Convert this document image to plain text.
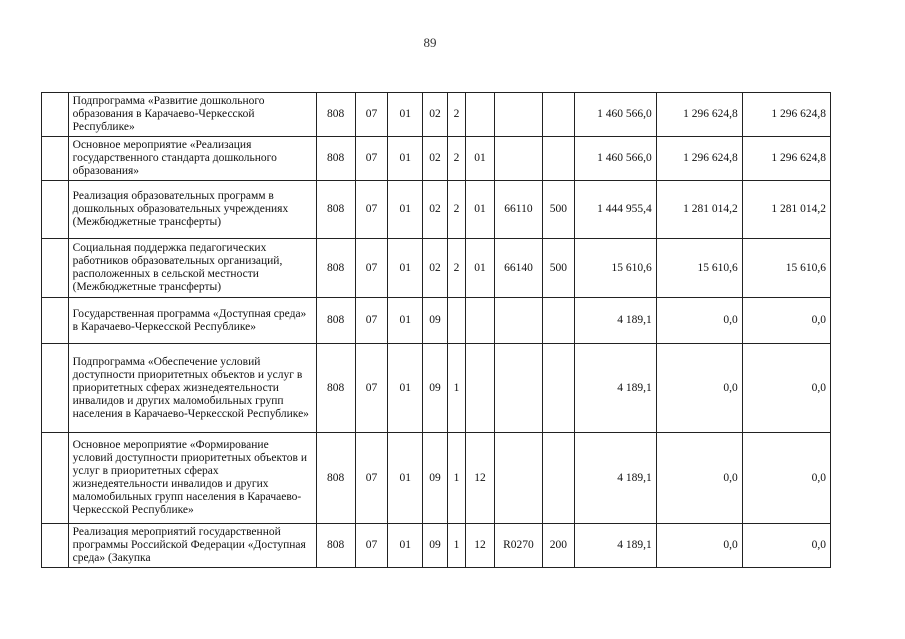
89
	Подпрограмма «Развитие дошкольного образования в Карачаево-Черкесской Республике»	808	07	01	02	2				1 460 566,0	1 296 624,8	1 296 624,8
	Основное мероприятие «Реализация государственного стандарта дошкольного образования»	808	07	01	02	2	01			1 460 566,0	1 296 624,8	1 296 624,8
	Реализация образовательных программ в дошкольных образовательных учреждениях (Межбюджетные трансферты)	808	07	01	02	2	01	66110	500	1 444 955,4	1 281 014,2	1 281 014,2
	Социальная поддержка педагогических работников образовательных организаций, расположенных в сельской местности (Межбюджетные трансферты)	808	07	01	02	2	01	66140	500	15 610,6	15 610,6	15 610,6
	Государственная программа «Доступная среда» в Карачаево-Черкесской Республике»	808	07	01	09					4 189,1	0,0	0,0
	Подпрограмма «Обеспечение условий доступности приоритетных объектов и услуг в приоритетных сферах жизнедеятельности инвалидов и других маломобильных групп населения в Карачаево-Черкесской Республике»	808	07	01	09	1				4 189,1	0,0	0,0
	Основное мероприятие «Формирование условий доступности приоритетных объектов и услуг в приоритетных сферах жизнедеятельности инвалидов и других маломобильных групп населения в Карачаево-Черкесской Республике»	808	07	01	09	1	12			4 189,1	0,0	0,0
	Реализация мероприятий государственной программы Российской Федерации «Доступная среда» (Закупка	808	07	01	09	1	12	R0270	200	4 189,1	0,0	0,0
